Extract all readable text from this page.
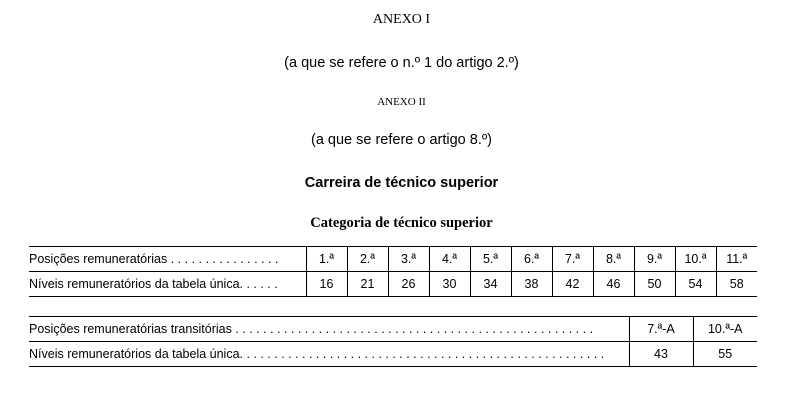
ANEXO I
(a que se refere o n.º 1 do artigo 2.º)
ANEXO II
(a que se refere o artigo 8.º)
Carreira de técnico superior
Categoria de técnico superior
Posições remuneratórias . . . . . . . . . . . . . . . .	1.ª	2.ª	3.ª	4.ª	5.ª	6.ª	7.ª	8.ª	9.ª	10.ª	11.ª
Níveis remuneratórios da tabela única. . . . . .	16	21	26	30	34	38	42	46	50	54	58
Posições remuneratórias transitórias . . . . . . . . . . . . . . . . . . . . . . . . . . . . . . . . . . . . . . . . . . . . . . . . . . . .	7.ª-A	10.ª-A
Níveis remuneratórios da tabela única. . . . . . . . . . . . . . . . . . . . . . . . . . . . . . . . . . . . . . . . . . . . . . . . . . . . .	43	55
